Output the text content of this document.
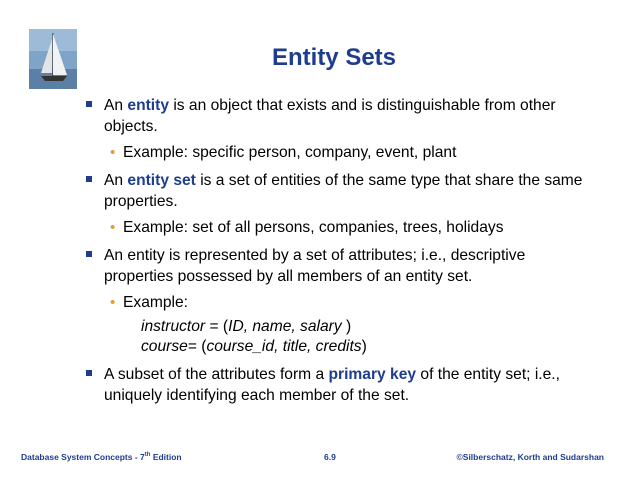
Entity Sets
An entity is an object that exists and is distinguishable from other objects.
• Example: specific person, company, event, plant
An entity set is a set of entities of the same type that share the same properties.
• Example: set of all persons, companies, trees, holidays
An entity is represented by a set of attributes; i.e., descriptive properties possessed by all members of an entity set.
• Example:
instructor = (ID, name, salary )
course= (course_id, title, credits)
A subset of the attributes form a primary key of the entity set; i.e., uniquely identifying each member of the set.
Database System Concepts - 7th Edition	6.9	©Silberschatz, Korth and Sudarshan
